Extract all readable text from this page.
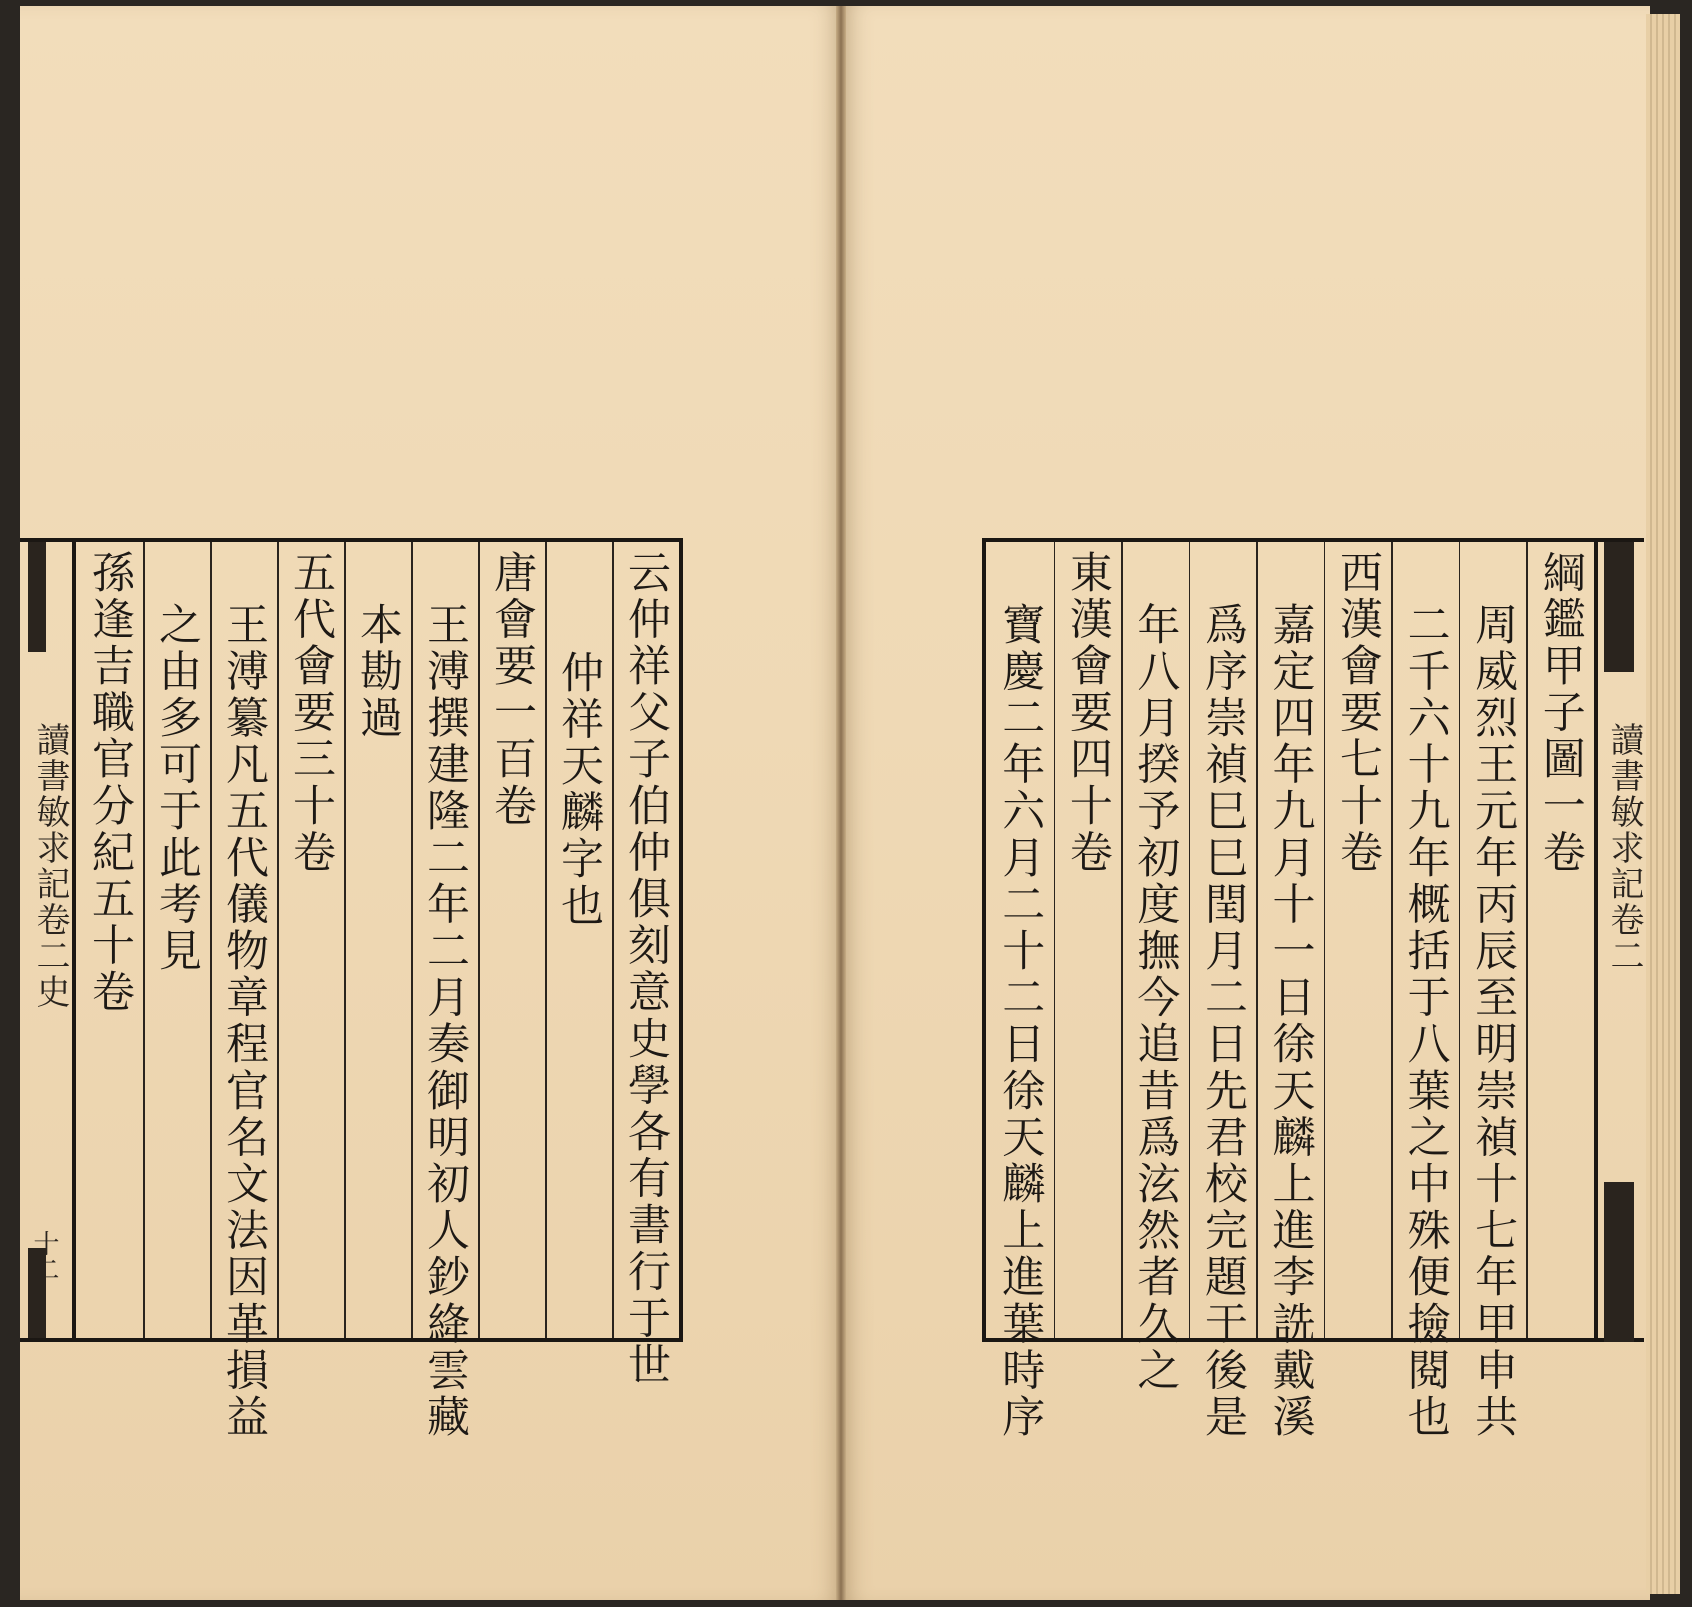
讀書敏求記卷二史
十二	云仲祥父子伯仲俱刻意史學各有書行于世
仲祥天麟字也
唐會要一百卷
王溥撰建隆二年二月奏御明初人鈔絳雲藏
本勘過
五代會要三十卷
王溥纂凡五代儀物章程官名文法因革損益
之由多可于此考見
孫逢吉職官分紀五十卷	綱鑑甲子圖一卷
周威烈王元年丙辰至明崇禎十七年甲申共
二千六十九年概括于八葉之中殊便撿閱也
西漢會要七十卷
嘉定四年九月十一日徐天麟上進李詵戴溪
爲序崇禎巳巳閏月二日先君校完題于後是
年八月揆予初度撫今追昔爲泫然者久之
東漢會要四十卷
寶慶二年六月二十二日徐天麟上進葉時序	讀書敏求記卷二
